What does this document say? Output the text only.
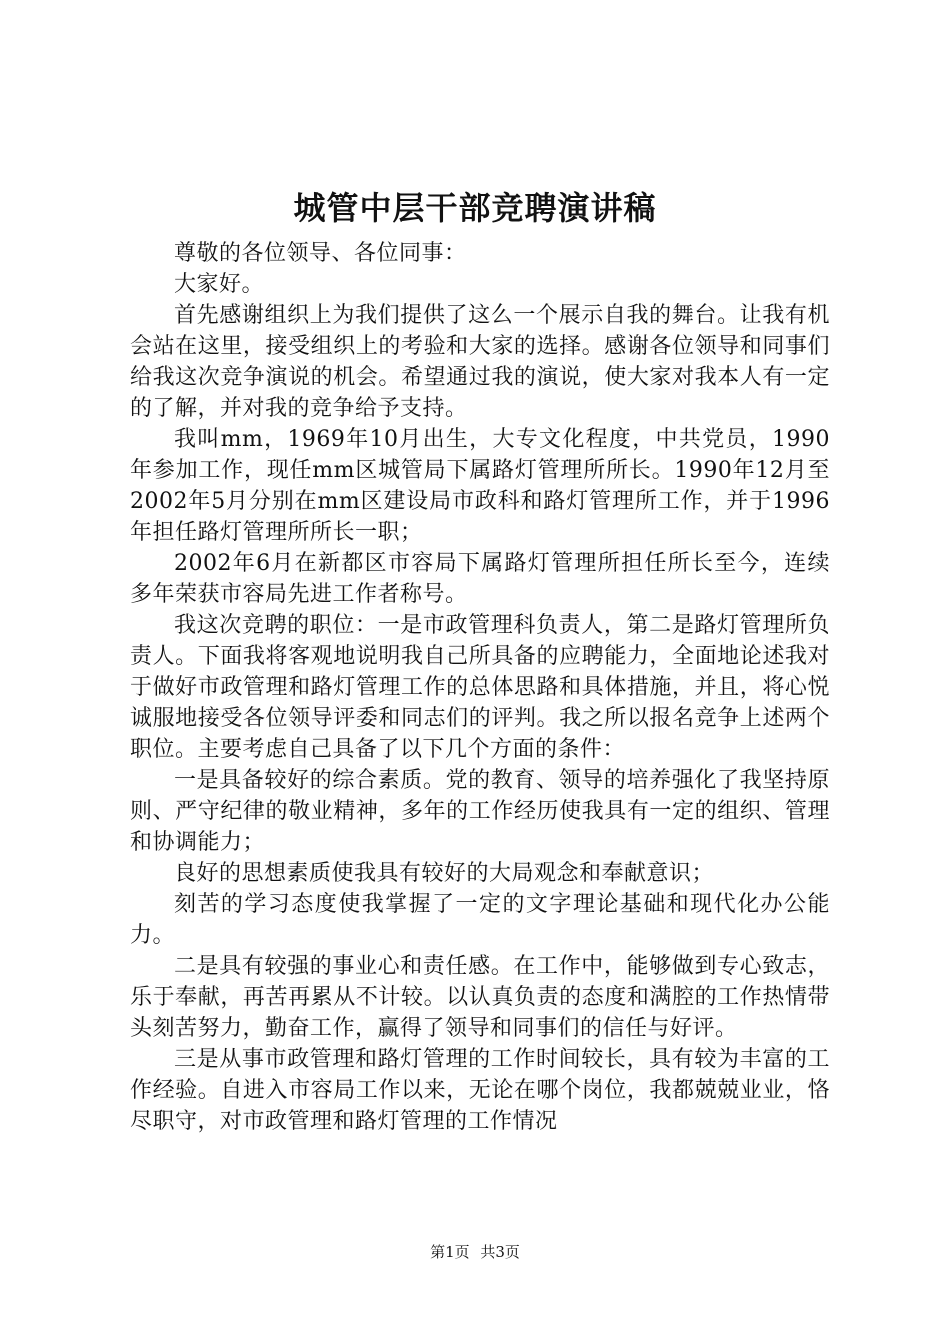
城管中层干部竞聘演讲稿

尊敬的各位领导、各位同事：

大家好。

首先感谢组织上为我们提供了这么一个展示自我的舞台。让我有机会站在这里，接受组织上的考验和大家的选择。感谢各位领导和同事们给我这次竞争演说的机会。希望通过我的演说，使大家对我本人有一定的了解，并对我的竞争给予支持。

我叫mm，1969年10月出生，大专文化程度，中共党员，1990年参加工作，现任mm区城管局下属路灯管理所所长。1990年12月至2002年5月分别在mm区建设局市政科和路灯管理所工作，并于1996年担任路灯管理所所长一职；

2002年6月在新都区市容局下属路灯管理所担任所长至今，连续多年荣获市容局先进工作者称号。

我这次竞聘的职位：一是市政管理科负责人，第二是路灯管理所负责人。下面我将客观地说明我自己所具备的应聘能力，全面地论述我对于做好市政管理和路灯管理工作的总体思路和具体措施，并且，将心悦诚服地接受各位领导评委和同志们的评判。我之所以报名竞争上述两个职位。主要考虑自己具备了以下几个方面的条件：

一是具备较好的综合素质。党的教育、领导的培养强化了我坚持原则、严守纪律的敬业精神，多年的工作经历使我具有一定的组织、管理和协调能力；

良好的思想素质使我具有较好的大局观念和奉献意识；

刻苦的学习态度使我掌握了一定的文字理论基础和现代化办公能力。

二是具有较强的事业心和责任感。在工作中，能够做到专心致志，乐于奉献，再苦再累从不计较。以认真负责的态度和满腔的工作热情带头刻苦努力，勤奋工作，赢得了领导和同事们的信任与好评。

三是从事市政管理和路灯管理的工作时间较长，具有较为丰富的工作经验。自进入市容局工作以来，无论在哪个岗位，我都兢兢业业，恪尽职守，对市政管理和路灯管理的工作情况

第1页 共3页
